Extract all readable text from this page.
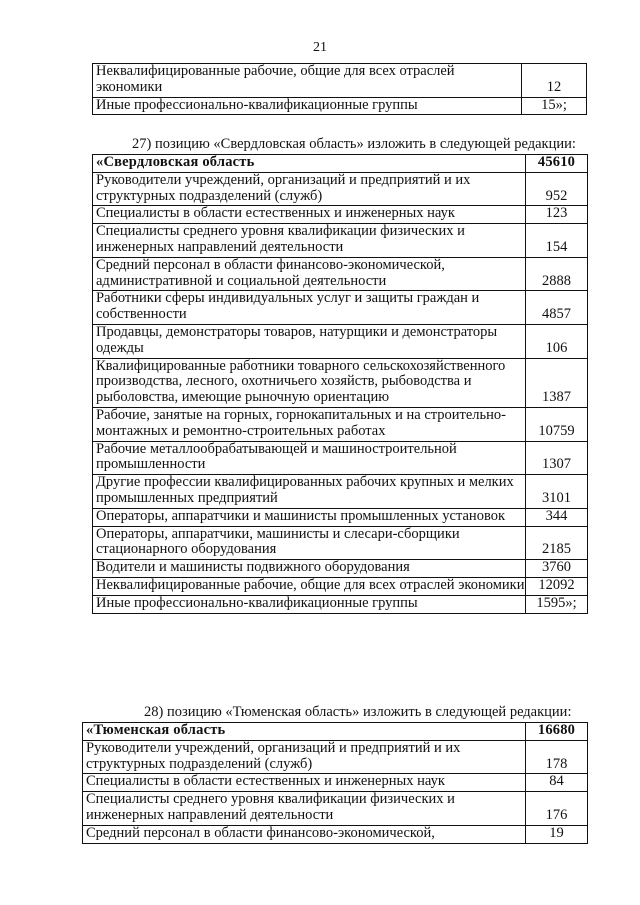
21
Неквалифицированные рабочие, общие для всех отраслей экономики	12
Иные профессионально-квалификационные группы	15»;
27) позицию «Свердловская область» изложить в следующей редакции:
«Свердловская область	45610
Руководители учреждений, организаций и предприятий и их структурных подразделений (служб)	952
Специалисты в области естественных и инженерных наук	123
Специалисты среднего уровня квалификации физических и инженерных направлений деятельности	154
Средний персонал в области финансово-экономической, административной и социальной деятельности	2888
Работники сферы индивидуальных услуг и защиты граждан и собственности	4857
Продавцы, демонстраторы товаров, натурщики и демонстраторы одежды	106
Квалифицированные работники товарного сельскохозяйственного производства, лесного, охотничьего хозяйств, рыбоводства и рыболовства, имеющие рыночную ориентацию	1387
Рабочие, занятые на горных, горнокапитальных и на строительно-монтажных и ремонтно-строительных работах	10759
Рабочие металлообрабатывающей и машиностроительной промышленности	1307
Другие профессии квалифицированных рабочих крупных и мелких промышленных предприятий	3101
Операторы, аппаратчики и машинисты промышленных установок	344
Операторы, аппаратчики, машинисты и слесари-сборщики стационарного оборудования	2185
Водители и машинисты подвижного оборудования	3760
Неквалифицированные рабочие, общие для всех отраслей экономики	12092
Иные профессионально-квалификационные группы	1595»;
28) позицию «Тюменская область» изложить в следующей редакции:
«Тюменская область	16680
Руководители учреждений, организаций и предприятий и их структурных подразделений (служб)	178
Специалисты в области естественных и инженерных наук	84
Специалисты среднего уровня квалификации физических и инженерных направлений деятельности	176
Средний персонал в области финансово-экономической,	19
